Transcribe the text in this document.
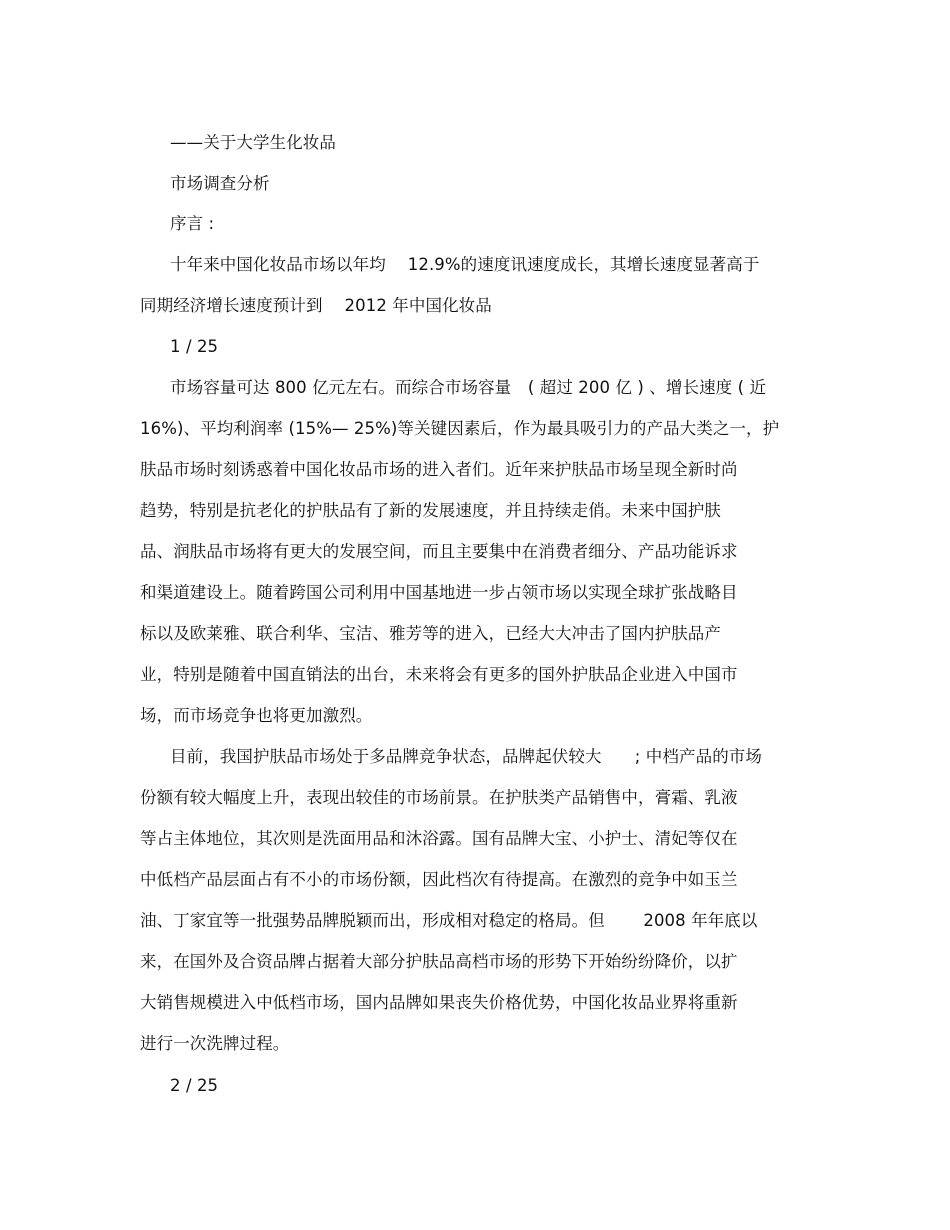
——关于大学生化妆品
市场调查分析
序言 :
十年来中国化妆品市场以年均　 12.9%的速度讯速度成长，其增长速度显著高于
同期经济增长速度预计到　 2012 年中国化妆品
1 / 25
市场容量可达 800 亿元左右。而综合市场容量　( 超过 200 亿 ) 、增长速度 ( 近
16%)、平均利润率 (15%— 25%)等关键因素后，作为最具吸引力的产品大类之一，护
肤品市场时刻诱惑着中国化妆品市场的进入者们。近年来护肤品市场呈现全新时尚
趋势，特别是抗老化的护肤品有了新的发展速度，并且持续走俏。未来中国护肤
品、润肤品市场将有更大的发展空间，而且主要集中在消费者细分、产品功能诉求
和渠道建设上。随着跨国公司利用中国基地进一步占领市场以实现全球扩张战略目
标以及欧莱雅、联合利华、宝洁、雅芳等的进入，已经大大冲击了国内护肤品产
业，特别是随着中国直销法的出台，未来将会有更多的国外护肤品企业进入中国市
场，而市场竞争也将更加激烈。
目前，我国护肤品市场处于多品牌竞争状态，品牌起伏较大　　; 中档产品的市场
份额有较大幅度上升，表现出较佳的市场前景。在护肤类产品销售中，膏霜、乳液
等占主体地位，其次则是洗面用品和沐浴露。国有品牌大宝、小护士、清妃等仅在
中低档产品层面占有不小的市场份额，因此档次有待提高。在激烈的竞争中如玉兰
油、丁家宜等一批强势品牌脱颖而出，形成相对稳定的格局。但　　 2008 年年底以
来，在国外及合资品牌占据着大部分护肤品高档市场的形势下开始纷纷降价，以扩
大销售规模进入中低档市场，国内品牌如果丧失价格优势，中国化妆品业界将重新
进行一次洗牌过程。
2 / 25
